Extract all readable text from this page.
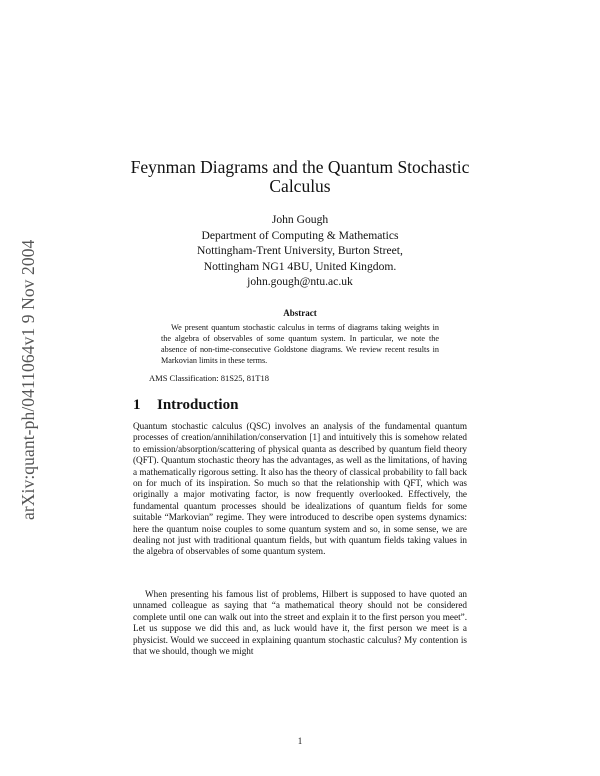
arXiv:quant-ph/0411064v1 9 Nov 2004
Feynman Diagrams and the Quantum Stochastic
Calculus
John Gough
Department of Computing & Mathematics
Nottingham-Trent University, Burton Street,
Nottingham NG1 4BU, United Kingdom.
john.gough@ntu.ac.uk
Abstract
We present quantum stochastic calculus in terms of diagrams taking weights in the algebra of observables of some quantum system. In particular, we note the absence of non-time-consecutive Goldstone diagrams. We review recent results in Markovian limits in these terms.
AMS Classification: 81S25, 81T18
1 Introduction

Quantum stochastic calculus (QSC) involves an analysis of the fundamental quantum processes of creation/annihilation/conservation [1] and intuitively this is somehow related to emission/absorption/scattering of physical quanta as described by quantum field theory (QFT). Quantum stochastic theory has the advantages, as well as the limitations, of having a mathematically rigorous setting. It also has the theory of classical probability to fall back on for much of its inspiration. So much so that the relationship with QFT, which was originally a major motivating factor, is now frequently overlooked. Effectively, the fundamental quantum processes should be idealizations of quantum fields for some suitable “Markovian” regime. They were introduced to describe open systems dynamics: here the quantum noise couples to some quantum system and so, in some sense, we are dealing not just with traditional quantum fields, but with quantum fields taking values in the algebra of observables of some quantum system.

When presenting his famous list of problems, Hilbert is supposed to have quoted an unnamed colleague as saying that “a mathematical theory should not be considered complete until one can walk out into the street and explain it to the first person you meet”. Let us suppose we did this and, as luck would have it, the first person we meet is a physicist. Would we succeed in explaining quantum stochastic calculus? My contention is that we should, though we might

1
